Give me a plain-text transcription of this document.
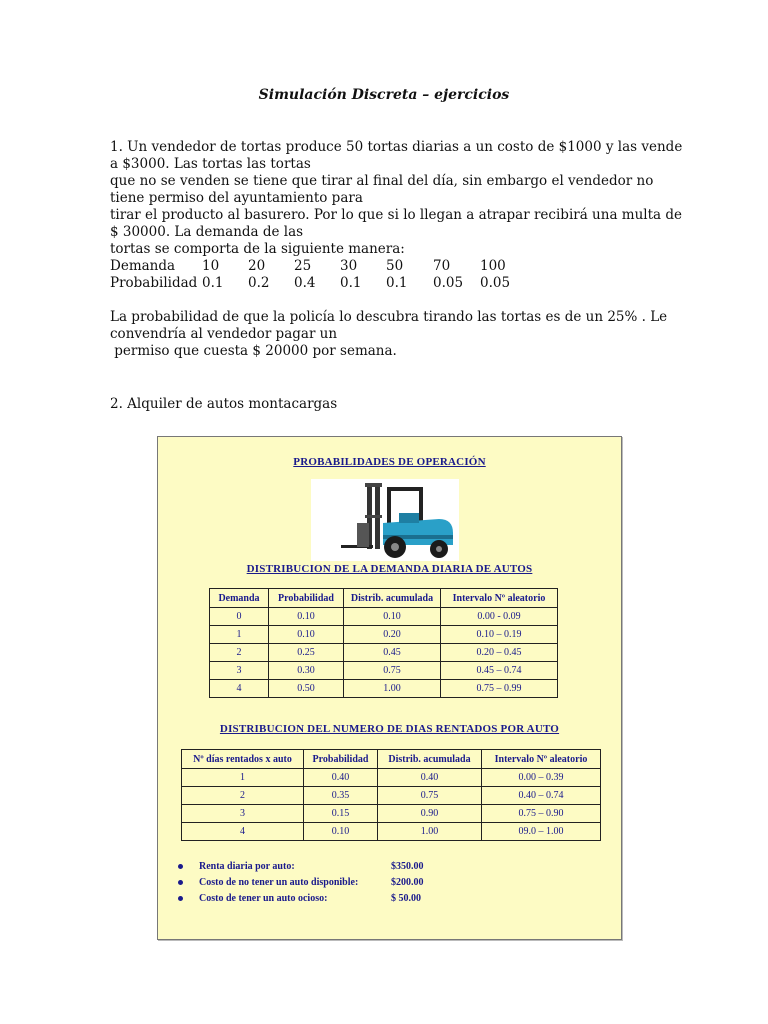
Simulación Discreta – ejercicios
1. Un vendedor de tortas produce 50 tortas diarias a un costo de $1000 y las vende
a $3000. Las tortas las tortas
que no se venden se tiene que tirar al final del día, sin embargo el vendedor no
tiene permiso del ayuntamiento para
tirar el producto al basurero. Por lo que si lo llegan a atrapar recibirá una multa de
$ 30000. La demanda de las
tortas se comporta de la siguiente manera:
Demanda	10	20	25	30	50	70	100
Probabilidad	0.1	0.2	0.4	0.1	0.1	0.05	0.05
La probabilidad de que la policía lo descubra tirando las tortas es de un 25% . Le
convendría al vendedor pagar un
permiso que cuesta $ 20000 por semana.
2. Alquiler de autos montacargas
PROBABILIDADES DE OPERACIÓN
DISTRIBUCION DE LA DEMANDA DIARIA DE AUTOS
Demanda	Probabilidad	Distrib. acumulada	Intervalo Nº aleatorio
0	0.10	0.10	0.00 - 0.09
1	0.10	0.20	0.10 – 0.19
2	0.25	0.45	0.20 – 0.45
3	0.30	0.75	0.45 – 0.74
4	0.50	1.00	0.75 – 0.99
DISTRIBUCION DEL NUMERO DE DIAS RENTADOS POR AUTO
Nº días rentados x auto	Probabilidad	Distrib. acumulada	Intervalo Nº aleatorio
1	0.40	0.40	0.00 – 0.39
2	0.35	0.75	0.40 – 0.74
3	0.15	0.90	0.75 – 0.90
4	0.10	1.00	09.0 – 1.00
Renta diaria por auto:	$350.00
Costo de no tener un auto disponible:	$200.00
Costo de tener un auto ocioso:	$ 50.00
